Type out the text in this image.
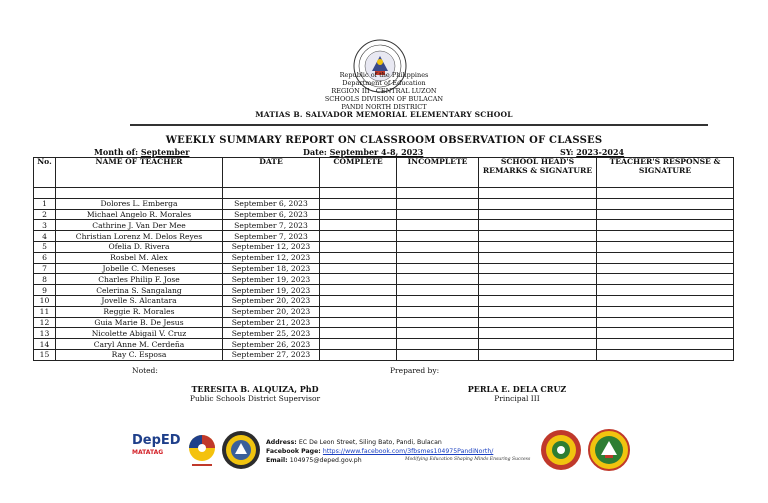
Republic of the Philippines
Department of Education
REGION III - CENTRAL LUZON
SCHOOLS DIVISION OF BULACAN
PANDI NORTH DISTRICT
MATIAS B. SALVADOR MEMORIAL ELEMENTARY SCHOOL
WEEKLY SUMMARY REPORT ON CLASSROOM OBSERVATION OF CLASSES
Month of: September	Date: September 4-8, 2023	SY: 2023-2024
No.	NAME OF TEACHER	DATE	COMPLETE	INCOMPLETE	SCHOOL HEAD'S REMARKS & SIGNATURE	TEACHER'S RESPONSE & SIGNATURE

1	Dolores L. Emberga	September 6, 2023				
2	Michael Angelo R. Morales	September 6, 2023				
3	Cathrine J. Van Der Mee	September 7, 2023				
4	Christian Lorenz M. Delos Reyes	September 7, 2023				
5	Ofelia D. Rivera	September 12, 2023				
6	Rosbel M. Alex	September 12, 2023				
7	Jobelle C. Meneses	September 18, 2023				
8	Charles Philip F. Jose	September 19, 2023				
9	Celerina S. Sangalang	September 19, 2023				
10	Jovelle S. Alcantara	September 20, 2023				
11	Reggie R. Morales	September 20, 2023				
12	Guia Marie B. De Jesus	September 21, 2023				
13	Nicolette Abigail V. Cruz	September 25, 2023				
14	Caryl Anne M. Cerdeña	September 26, 2023				
15	Ray C. Esposa	September 27, 2023				
Noted:	Prepared by:
TERESITA B. ALQUIZA, PhD
Public Schools District Supervisor
PERLA E. DELA CRUZ
Principal III
DepED
MATATAG
Address: EC De Leon Street, Siling Bato, Pandi, Bulacan
Facebook Page: https://www.facebook.com/3fbsmes104975PandiNorth/
Email: 104975@deped.gov.ph	Modifying Education Shaping Minds Ensuring Success
